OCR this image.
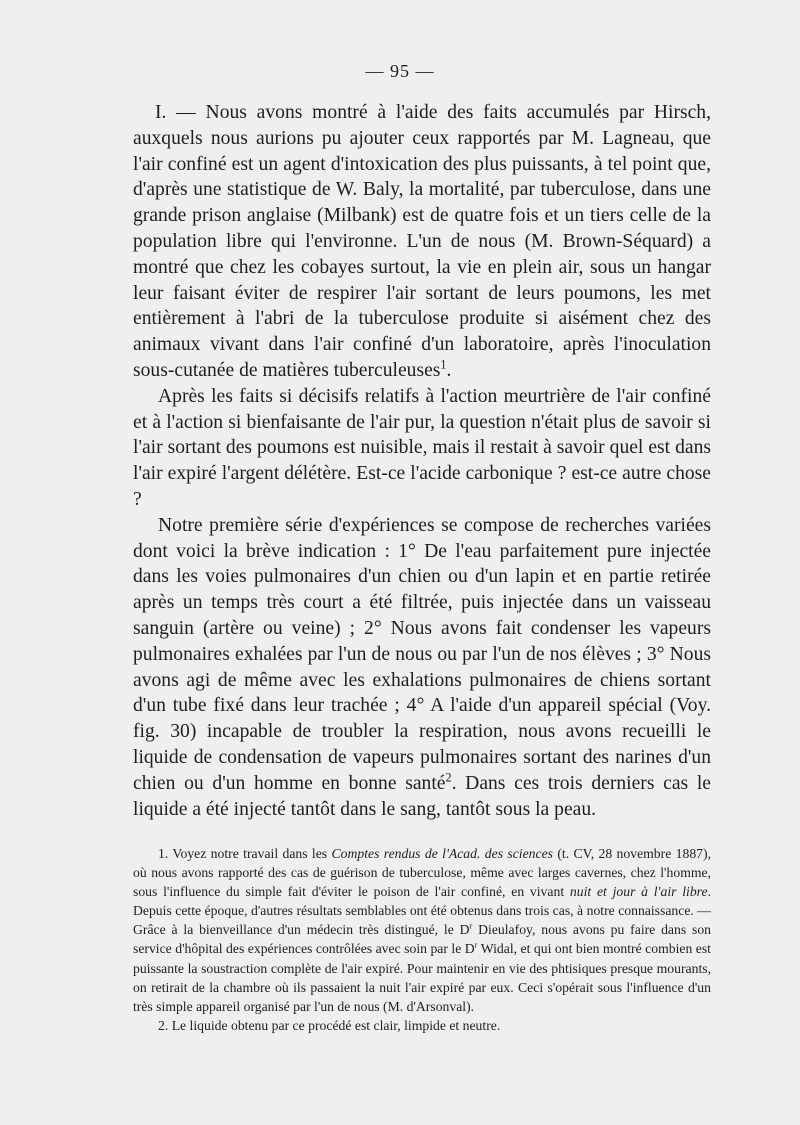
— 95 —

I. — Nous avons montré à l'aide des faits accumulés par Hirsch, auxquels nous aurions pu ajouter ceux rapportés par M. Lagneau, que l'air confiné est un agent d'intoxication des plus puissants, à tel point que, d'après une statistique de W. Baly, la mortalité, par tuberculose, dans une grande prison anglaise (Milbank) est de quatre fois et un tiers celle de la population libre qui l'environne. L'un de nous (M. Brown-Séquard) a montré que chez les cobayes surtout, la vie en plein air, sous un hangar leur faisant éviter de respirer l'air sortant de leurs poumons, les met entièrement à l'abri de la tuberculose produite si aisément chez des animaux vivant dans l'air confiné d'un laboratoire, après l'inoculation sous-cutanée de matières tuberculeuses$^1$.

Après les faits si décisifs relatifs à l'action meurtrière de l'air confiné et à l'action si bienfaisante de l'air pur, la question n'était plus de savoir si l'air sortant des poumons est nuisible, mais il restait à savoir quel est dans l'air expiré l'argent délétère. Est-ce l'acide carbonique ? est-ce autre chose ?

Notre première série d'expériences se compose de recherches variées dont voici la brève indication : 1° De l'eau parfaitement pure injectée dans les voies pulmonaires d'un chien ou d'un lapin et en partie retirée après un temps très court a été filtrée, puis injectée dans un vaisseau sanguin (artère ou veine) ; 2° Nous avons fait condenser les vapeurs pulmonaires exhalées par l'un de nous ou par l'un de nos élèves ; 3° Nous avons agi de même avec les exhalations pulmonaires de chiens sortant d'un tube fixé dans leur trachée ; 4° A l'aide d'un appareil spécial (Voy. fig. 30) incapable de troubler la respiration, nous avons recueilli le liquide de condensation de vapeurs pulmonaires sortant des narines d'un chien ou d'un homme en bonne santé$^2$. Dans ces trois derniers cas le liquide a été injecté tantôt dans le sang, tantôt sous la peau.

1. Voyez notre travail dans les Comptes rendus de l'Acad. des sciences (t. CV, 28 novembre 1887), où nous avons rapporté des cas de guérison de tuberculose, même avec larges cavernes, chez l'homme, sous l'influence du simple fait d'éviter le poison de l'air confiné, en vivant nuit et jour à l'air libre. Depuis cette époque, d'autres résultats semblables ont été obtenus dans trois cas, à notre connaissance. — Grâce à la bienveillance d'un médecin très distingué, le $D^r$ Dieulafoy, nous avons pu faire dans son service d'hôpital des expériences contrôlées avec soin par le $D^r$ Widal, et qui ont bien montré combien est puissante la soustraction complète de l'air expiré. Pour maintenir en vie des phtisiques presque mourants, on retirait de la chambre où ils passaient la nuit l'air expiré par eux. Ceci s'opérait sous l'influence d'un très simple appareil organisé par l'un de nous (M. d'Arsonval).

2. Le liquide obtenu par ce procédé est clair, limpide et neutre.
